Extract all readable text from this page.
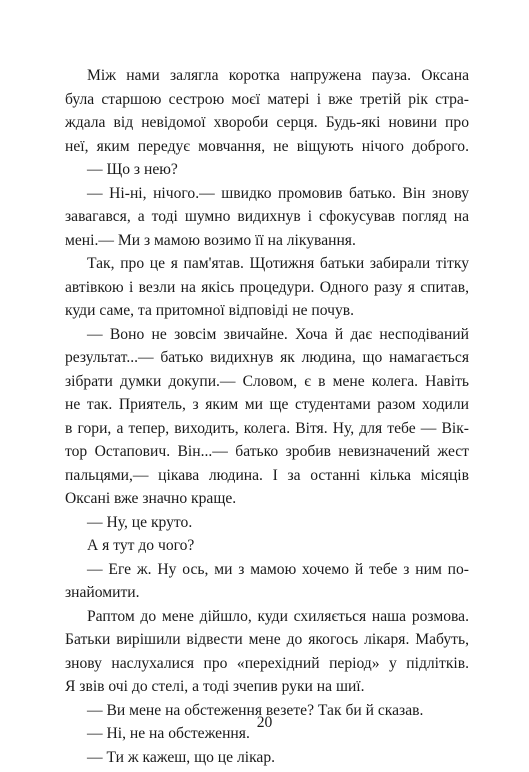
Між нами залягла коротка напружена пауза. Оксана
була старшою сестрою моєї матері і вже третій рік стра-
ждала від невідомої хвороби серця. Будь-які новини про
неї, яким передує мовчання, не віщують нічого доброго.
— Що з нею?
— Ні-ні, нічого.— швидко промовив батько. Він знову
завагався, а тоді шумно видихнув і сфокусував погляд на
мені.— Ми з мамою возимо її на лікування.
Так, про це я пам'ятав. Щотижня батьки забирали тітку
автівкою і везли на якісь процедури. Одного разу я спитав,
куди саме, та притомної відповіді не почув.
— Воно не зовсім звичайне. Хоча й дає несподіваний
результат...— батько видихнув як людина, що намагається
зібрати думки докупи.— Словом, є в мене колега. Навіть
не так. Приятель, з яким ми ще студентами разом ходили
в гори, а тепер, виходить, колега. Вітя. Ну, для тебе — Вік-
тор Остапович. Він...— батько зробив невизначений жест
пальцями,— цікава людина. І за останні кілька місяців
Оксані вже значно краще.
— Ну, це круто.
А я тут до чого?
— Еге ж. Ну ось, ми з мамою хочемо й тебе з ним по-
знайомити.
Раптом до мене дійшло, куди схиляється наша розмова.
Батьки вирішили відвести мене до якогось лікаря. Мабуть,
знову наслухалися про «перехідний період» у підлітків.
Я звів очі до стелі, а тоді зчепив руки на шиї.
— Ви мене на обстеження везете? Так би й сказав.
— Ні, не на обстеження.
— Ти ж кажеш, що це лікар.
20
